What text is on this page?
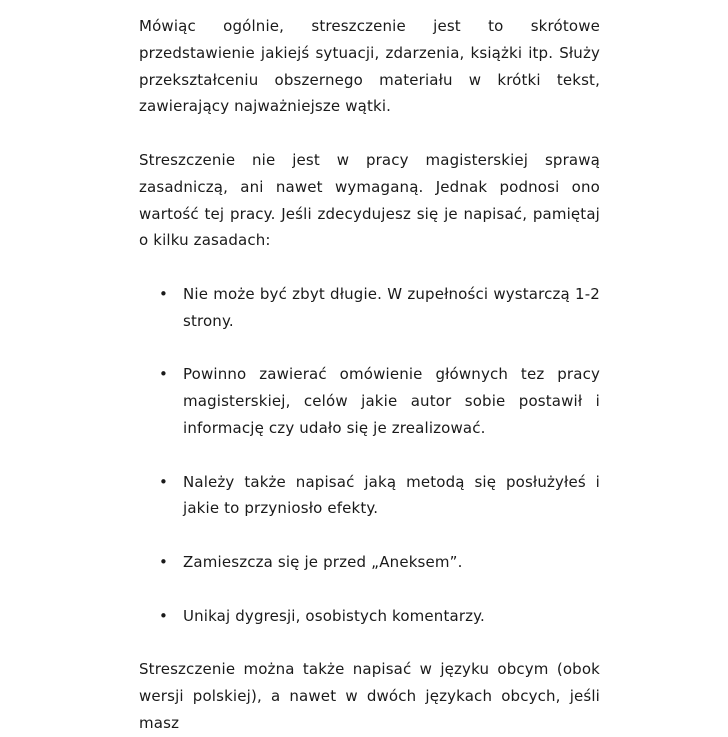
Mówiąc ogólnie, streszczenie jest to skrótowe przedstawienie jakiejś sytuacji, zdarzenia, książki itp. Służy przekształceniu obszernego materiału w krótki tekst, zawierający najważniejsze wątki.

Streszczenie nie jest w pracy magisterskiej sprawą zasadniczą, ani nawet wymaganą. Jednak podnosi ono wartość tej pracy. Jeśli zdecydujesz się je napisać, pamiętaj o kilku zasadach:

• Nie może być zbyt długie. W zupełności wystarczą 1-2 strony.
• Powinno zawierać omówienie głównych tez pracy magisterskiej, celów jakie autor sobie postawił i informację czy udało się je zrealizować.
• Należy także napisać jaką metodą się posłużyłeś i jakie to przyniosło efekty.
• Zamieszcza się je przed „Aneksem”.
• Unikaj dygresji, osobistych komentarzy.

Streszczenie można także napisać w języku obcym (obok wersji polskiej), a nawet w dwóch językach obcych, jeśli masz
